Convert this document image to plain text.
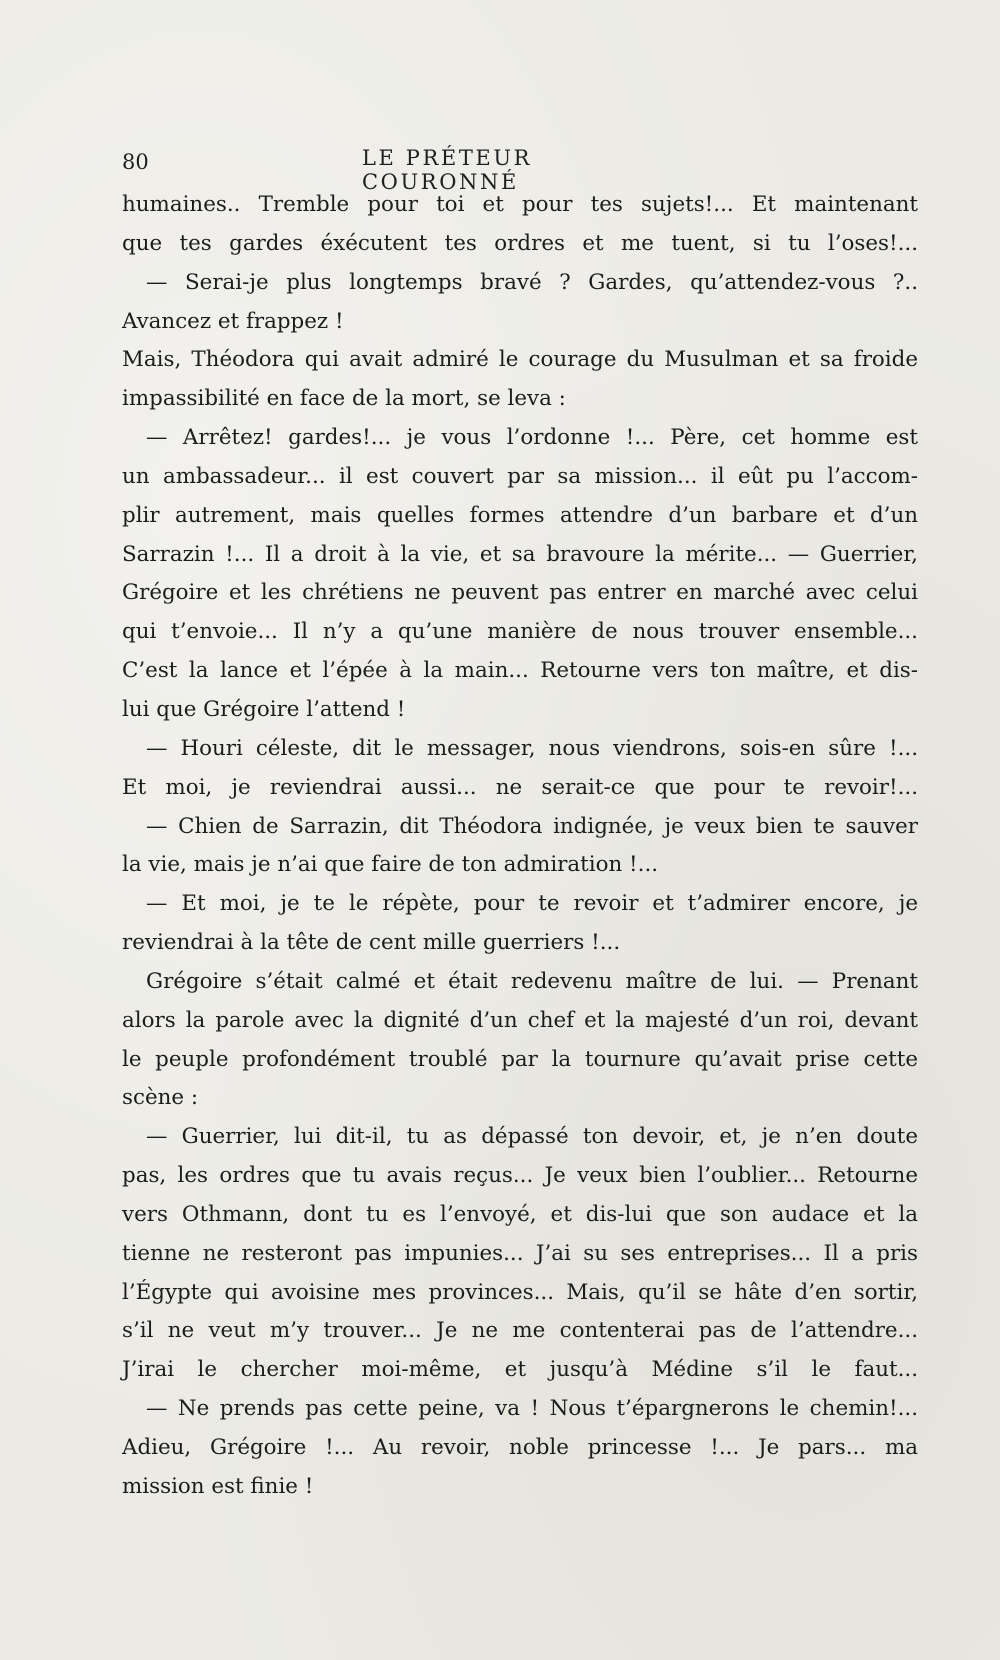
80	LE PRÉTEUR COURONNÉ
humaines.. Tremble pour toi et pour tes sujets!... Et maintenant
que tes gardes éxécutent tes ordres et me tuent, si tu l’oses!...
— Serai-je plus longtemps bravé ? Gardes, qu’attendez-vous ?..
Avancez et frappez !
Mais, Théodora qui avait admiré le courage du Musulman et sa froide
impassibilité en face de la mort, se leva :
— Arrêtez! gardes!... je vous l’ordonne !... Père, cet homme est
un ambassadeur... il est couvert par sa mission... il eût pu l’accom-
plir autrement, mais quelles formes attendre d’un barbare et d’un
Sarrazin !... Il a droit à la vie, et sa bravoure la mérite... — Guerrier,
Grégoire et les chrétiens ne peuvent pas entrer en marché avec celui
qui t’envoie... Il n’y a qu’une manière de nous trouver ensemble...
C’est la lance et l’épée à la main... Retourne vers ton maître, et dis-
lui que Grégoire l’attend !
— Houri céleste, dit le messager, nous viendrons, sois-en sûre !...
Et moi, je reviendrai aussi... ne serait-ce que pour te revoir!...
— Chien de Sarrazin, dit Théodora indignée, je veux bien te sauver
la vie, mais je n’ai que faire de ton admiration !...
— Et moi, je te le répète, pour te revoir et t’admirer encore, je
reviendrai à la tête de cent mille guerriers !...
Grégoire s’était calmé et était redevenu maître de lui. — Prenant
alors la parole avec la dignité d’un chef et la majesté d’un roi, devant
le peuple profondément troublé par la tournure qu’avait prise cette
scène :
— Guerrier, lui dit-il, tu as dépassé ton devoir, et, je n’en doute
pas, les ordres que tu avais reçus... Je veux bien l’oublier... Retourne
vers Othmann, dont tu es l’envoyé, et dis-lui que son audace et la
tienne ne resteront pas impunies... J’ai su ses entreprises... Il a pris
l’Égypte qui avoisine mes provinces... Mais, qu’il se hâte d’en sortir,
s’il ne veut m’y trouver... Je ne me contenterai pas de l’attendre...
J’irai le chercher moi-même, et jusqu’à Médine s’il le faut...
— Ne prends pas cette peine, va ! Nous t’épargnerons le chemin!...
Adieu, Grégoire !... Au revoir, noble princesse !... Je pars... ma
mission est finie !
